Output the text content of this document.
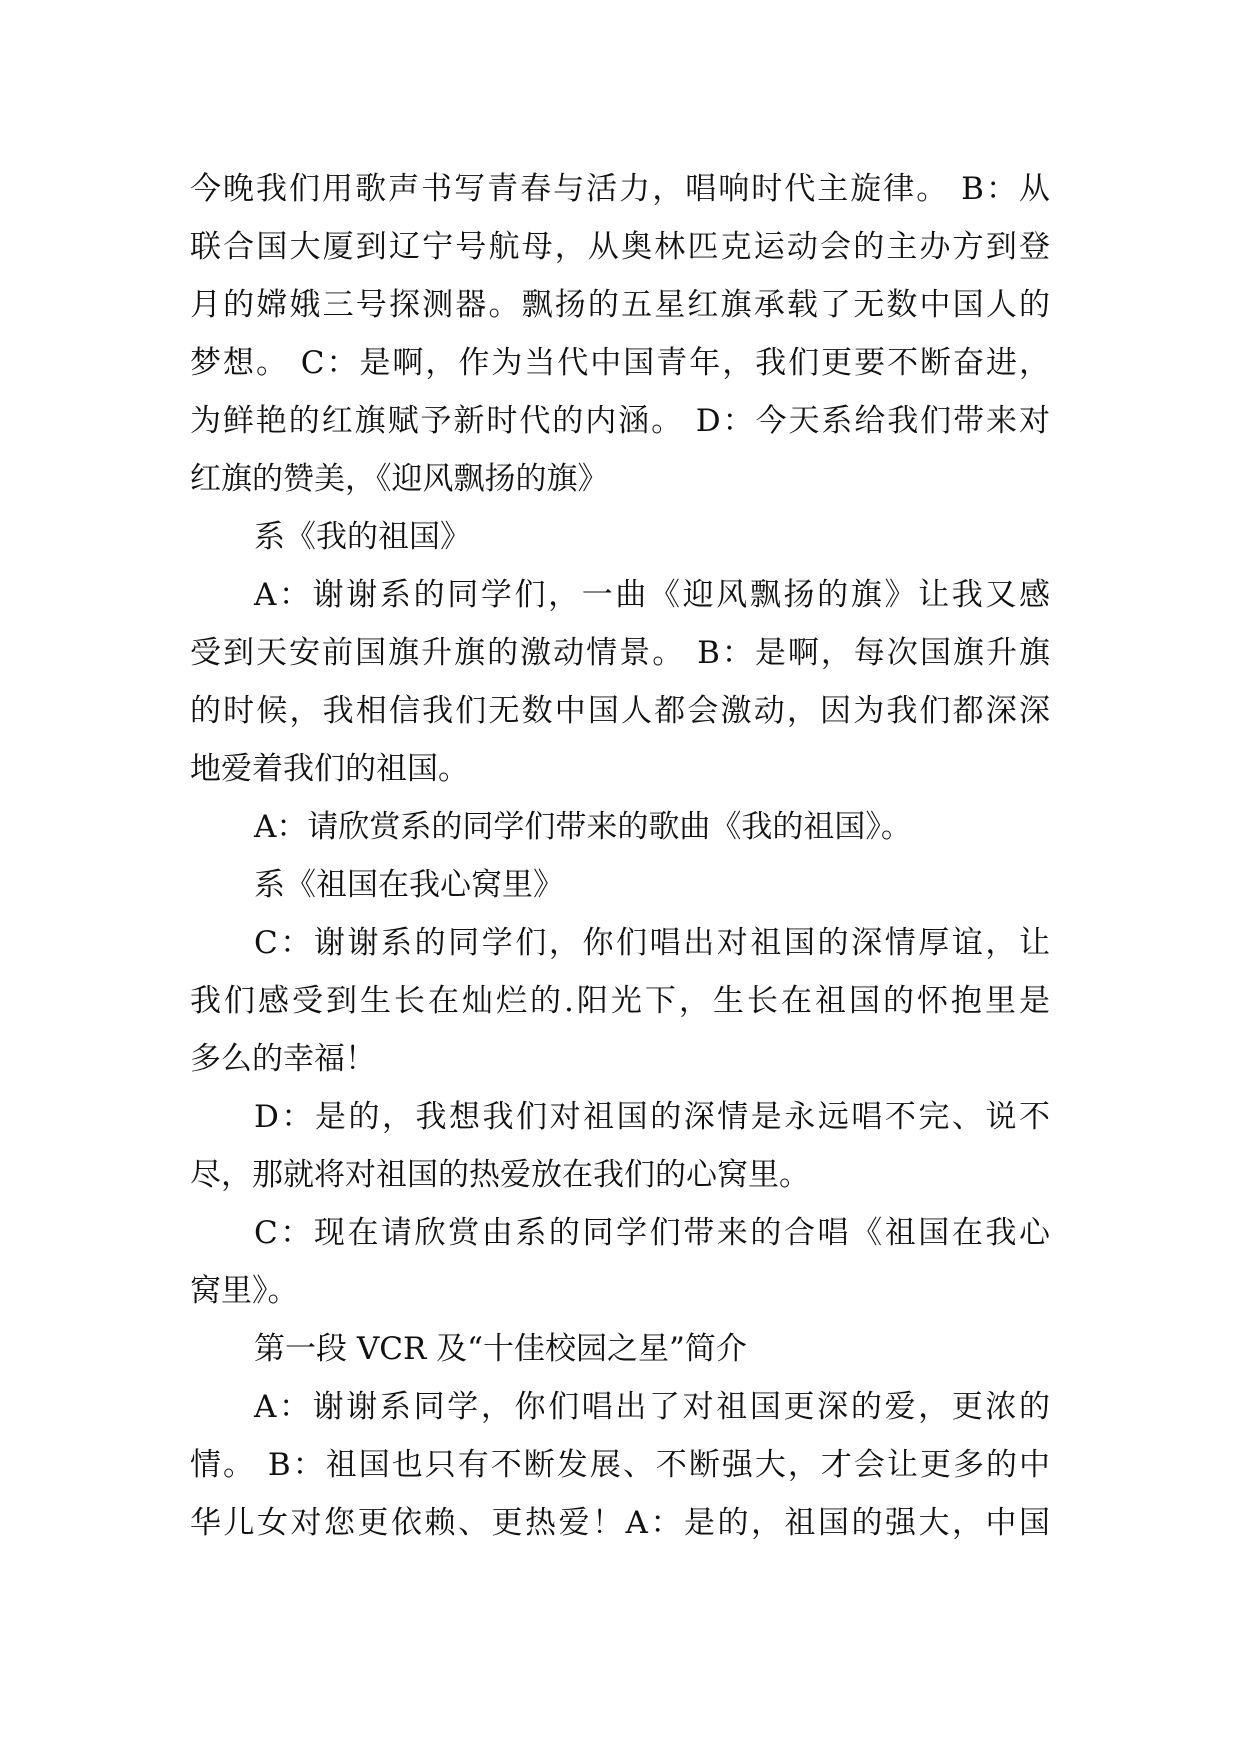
今晚我们用歌声书写青春与活力，唱响时代主旋律。 B：从
联合国大厦到辽宁号航母，从奥林匹克运动会的主办方到登
月的嫦娥三号探测器。飘扬的五星红旗承载了无数中国人的
梦想。 C：是啊，作为当代中国青年，我们更要不断奋进，
为鲜艳的红旗赋予新时代的内涵。 D：今天系给我们带来对
红旗的赞美，《迎风飘扬的旗》
系《我的祖国》
A：谢谢系的同学们，一曲《迎风飘扬的旗》让我又感
受到天安前国旗升旗的激动情景。 B：是啊，每次国旗升旗
的时候，我相信我们无数中国人都会激动，因为我们都深深
地爱着我们的祖国。
A：请欣赏系的同学们带来的歌曲《我的祖国》。
系《祖国在我心窝里》
C：谢谢系的同学们，你们唱出对祖国的深情厚谊，让
我们感受到生长在灿烂的.阳光下，生长在祖国的怀抱里是
多么的幸福！
D：是的，我想我们对祖国的深情是永远唱不完、说不
尽，那就将对祖国的热爱放在我们的心窝里。
C：现在请欣赏由系的同学们带来的合唱《祖国在我心
窝里》。
第一段 VCR 及“十佳校园之星”简介
A：谢谢系同学，你们唱出了对祖国更深的爱，更浓的
情。 B：祖国也只有不断发展、不断强大，才会让更多的中
华儿女对您更依赖、更热爱！A：是的，祖国的强大，中国
